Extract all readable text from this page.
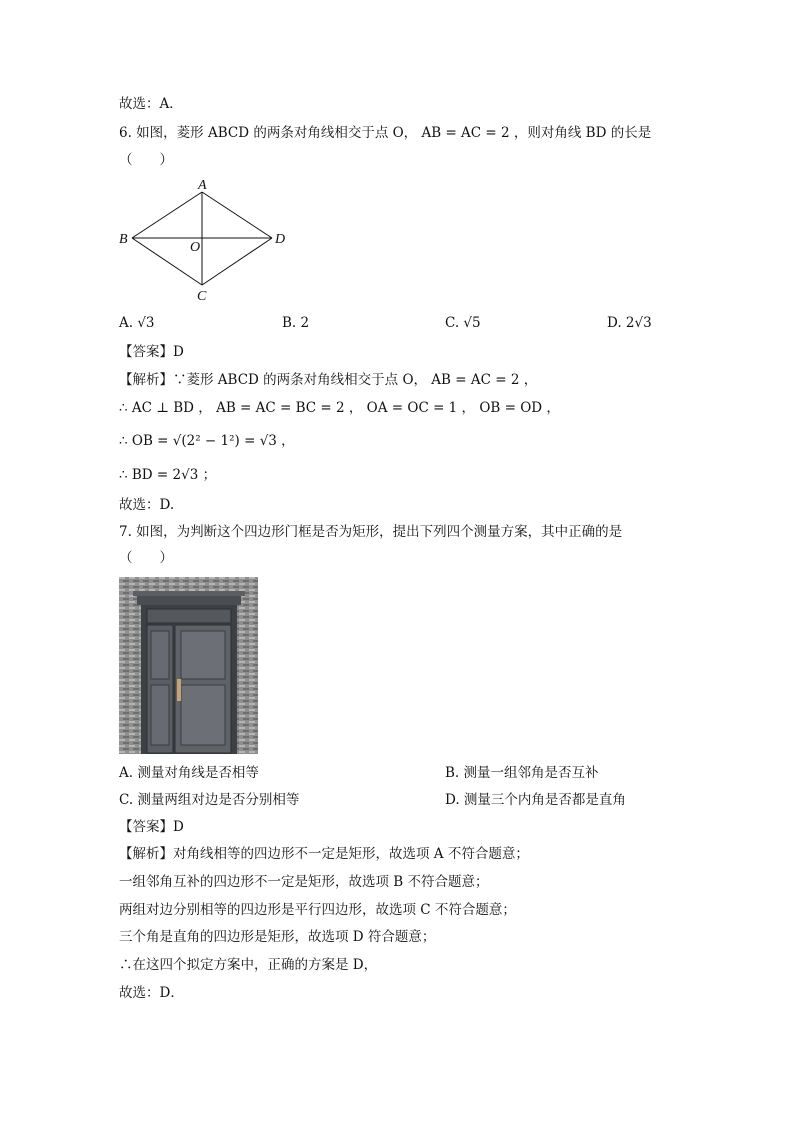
故选：A．
6. 如图，菱形 ABCD 的两条对角线相交于点 O， AB = AC = 2 ，则对角线 BD 的长是
（　　）
A
B	D
C
O
A. √3	B. 2	C. √5	D. 2√3
【答案】D
【解析】∵菱形 ABCD 的两条对角线相交于点 O， AB = AC = 2 ，
∴ AC ⊥ BD ， AB = AC = BC = 2 ， OA = OC = 1 ， OB = OD ，
∴ OB = √(2² − 1²) = √3 ，
∴ BD = 2√3 ；
故选：D.
7. 如图，为判断这个四边形门框是否为矩形，提出下列四个测量方案，其中正确的是
（　　）
A. 测量对角线是否相等	B. 测量一组邻角是否互补
C. 测量两组对边是否分别相等	D. 测量三个内角是否都是直角
【答案】D
【解析】对角线相等的四边形不一定是矩形，故选项 A 不符合题意；
一组邻角互补的四边形不一定是矩形，故选项 B 不符合题意；
两组对边分别相等的四边形是平行四边形，故选项 C 不符合题意；
三个角是直角的四边形是矩形，故选项 D 符合题意；
∴在这四个拟定方案中，正确的方案是 D，
故选：D．
